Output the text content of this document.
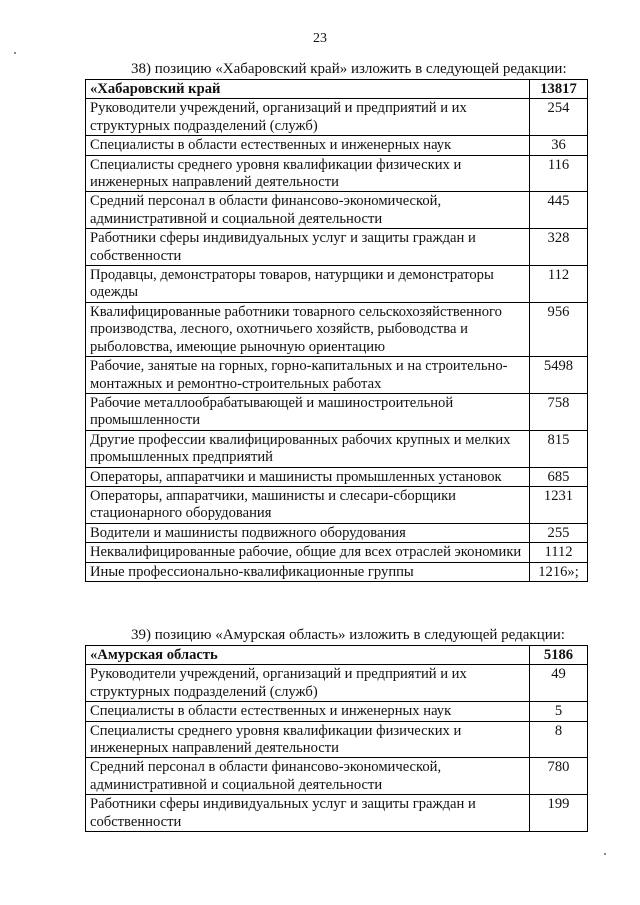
23
38) позицию «Хабаровский край» изложить в следующей редакции:
«Хабаровский край	13817
Руководители учреждений, организаций и предприятий и их структурных подразделений (служб)	254
Специалисты в области естественных и инженерных наук	36
Специалисты среднего уровня квалификации физических и инженерных направлений деятельности	116
Средний персонал в области финансово-экономической, административной и социальной деятельности	445
Работники сферы индивидуальных услуг и защиты граждан и собственности	328
Продавцы, демонстраторы товаров, натурщики и демонстраторы одежды	112
Квалифицированные работники товарного сельскохозяйственного производства, лесного, охотничьего хозяйств, рыбоводства и рыболовства, имеющие рыночную ориентацию	956
Рабочие, занятые на горных, горно-капитальных и на строительно-монтажных и ремонтно-строительных работах	5498
Рабочие металлообрабатывающей и машиностроительной промышленности	758
Другие профессии квалифицированных рабочих крупных и мелких промышленных предприятий	815
Операторы, аппаратчики и машинисты промышленных установок	685
Операторы, аппаратчики, машинисты и слесари-сборщики стационарного оборудования	1231
Водители и машинисты подвижного оборудования	255
Неквалифицированные рабочие, общие для всех отраслей экономики	1112
Иные профессионально-квалификационные группы	1216»;
39) позицию «Амурская область» изложить в следующей редакции:
«Амурская область	5186
Руководители учреждений, организаций и предприятий и их структурных подразделений (служб)	49
Специалисты в области естественных и инженерных наук	5
Специалисты среднего уровня квалификации физических и инженерных направлений деятельности	8
Средний персонал в области финансово-экономической, административной и социальной деятельности	780
Работники сферы индивидуальных услуг и защиты граждан и собственности	199
